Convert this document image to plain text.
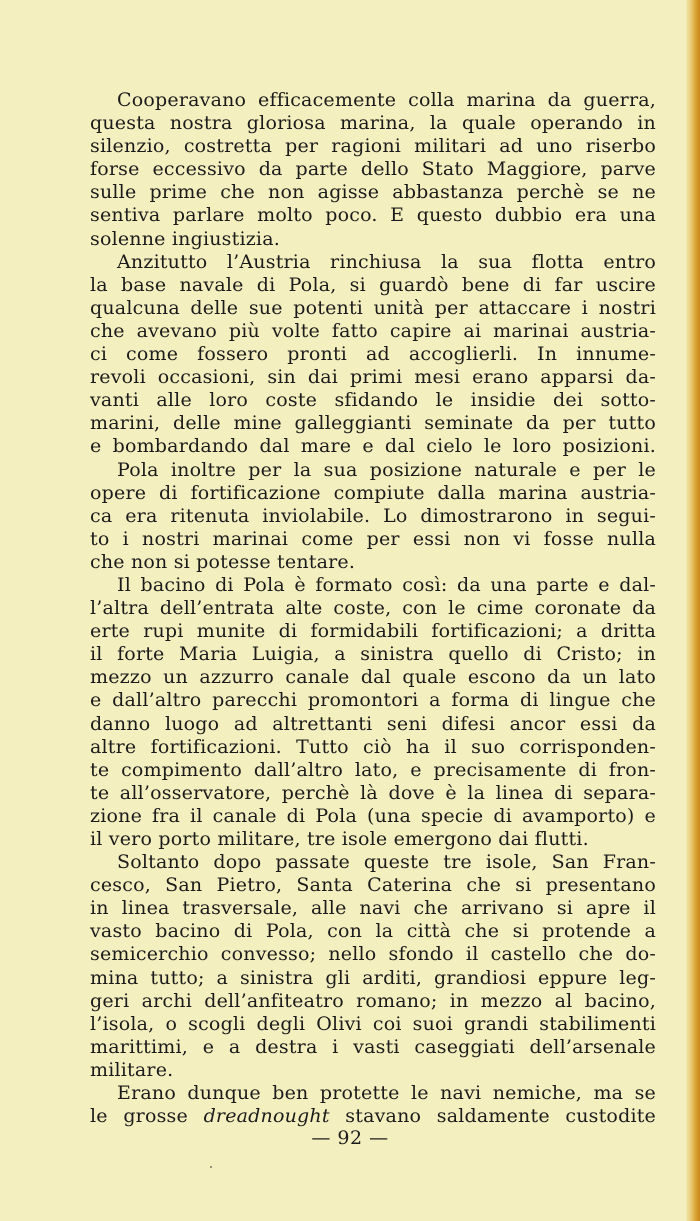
Cooperavano efficacemente colla marina da guerra,
questa nostra gloriosa marina, la quale operando in
silenzio, costretta per ragioni militari ad uno riserbo
forse eccessivo da parte dello Stato Maggiore, parve
sulle prime che non agisse abbastanza perchè se ne
sentiva parlare molto poco. E questo dubbio era una
solenne ingiustizia.
Anzitutto l’Austria rinchiusa la sua flotta entro
la base navale di Pola, si guardò bene di far uscire
qualcuna delle sue potenti unità per attaccare i nostri
che avevano più volte fatto capire ai marinai austria-
ci come fossero pronti ad accoglierli. In innume-
revoli occasioni, sin dai primi mesi erano apparsi da-
vanti alle loro coste sfidando le insidie dei sotto-
marini, delle mine galleggianti seminate da per tutto
e bombardando dal mare e dal cielo le loro posizioni.
Pola inoltre per la sua posizione naturale e per le
opere di fortificazione compiute dalla marina austria-
ca era ritenuta inviolabile. Lo dimostrarono in segui-
to i nostri marinai come per essi non vi fosse nulla
che non si potesse tentare.
Il bacino di Pola è formato così: da una parte e dal-
l’altra dell’entrata alte coste, con le cime coronate da
erte rupi munite di formidabili fortificazioni; a dritta
il forte Maria Luigia, a sinistra quello di Cristo; in
mezzo un azzurro canale dal quale escono da un lato
e dall’altro parecchi promontori a forma di lingue che
danno luogo ad altrettanti seni difesi ancor essi da
altre fortificazioni. Tutto ciò ha il suo corrisponden-
te compimento dall’altro lato, e precisamente di fron-
te all’osservatore, perchè là dove è la linea di separa-
zione fra il canale di Pola (una specie di avamporto) e
il vero porto militare, tre isole emergono dai flutti.
Soltanto dopo passate queste tre isole, San Fran-
cesco, San Pietro, Santa Caterina che si presentano
in linea trasversale, alle navi che arrivano si apre il
vasto bacino di Pola, con la città che si protende a
semicerchio convesso; nello sfondo il castello che do-
mina tutto; a sinistra gli arditi, grandiosi eppure leg-
geri archi dell’anfiteatro romano; in mezzo al bacino,
l’isola, o scogli degli Olivi coi suoi grandi stabilimenti
marittimi, e a destra i vasti caseggiati dell’arsenale
militare.
Erano dunque ben protette le navi nemiche, ma se
le grosse dreadnought stavano saldamente custodite
— 92 —
